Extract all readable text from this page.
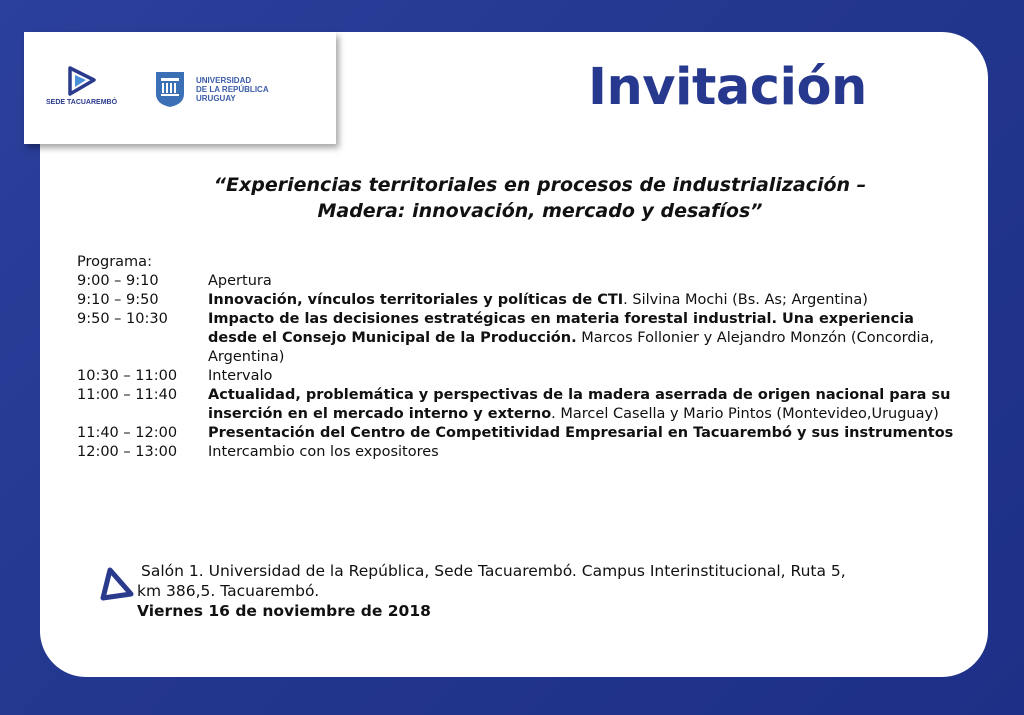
SEDE TACUAREMBÓ
UNIVERSIDAD
DE LA REPÚBLICA
URUGUAY	Invitación
“Experiencias territoriales en procesos de industrialización –
Madera: innovación, mercado y desafíos”
Programa:
9:00 – 9:10	Apertura
9:10 – 9:50	Innovación, vínculos territoriales y políticas de CTI. Silvina Mochi (Bs. As; Argentina)
9:50 – 10:30	Impacto de las decisiones estratégicas en materia forestal industrial. Una experiencia desde el Consejo Municipal de la Producción. Marcos Follonier y Alejandro Monzón (Concordia, Argentina)
10:30 – 11:00	Intervalo
11:00 – 11:40	Actualidad, problemática y perspectivas de la madera aserrada de origen nacional para su inserción en el mercado interno y externo. Marcel Casella y Mario Pintos (Montevideo,Uruguay)
11:40 – 12:00	Presentación del Centro de Competitividad Empresarial en Tacuarembó y sus instrumentos
12:00 – 13:00	Intercambio con los expositores
Salón 1. Universidad de la República, Sede Tacuarembó. Campus Interinstitucional, Ruta 5,
km 386,5. Tacuarembó.
Viernes 16 de noviembre de 2018
